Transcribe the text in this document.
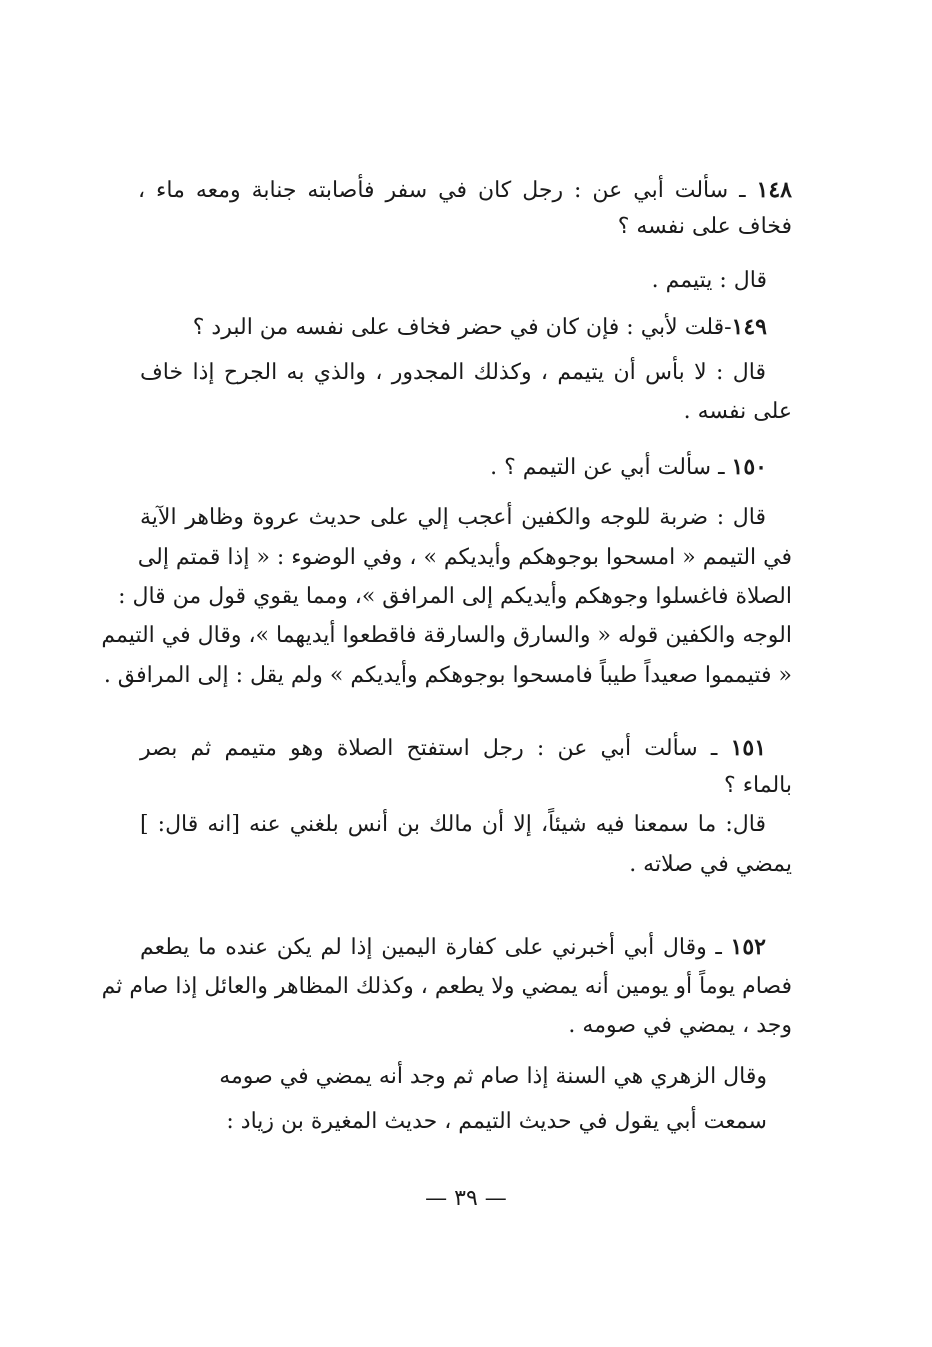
١٤٨ ـ سألت أبي عن : رجل كان في سفر فأصابته جنابة ومعه ماء ،
فخاف على نفسه ؟
قال : يتيمم .
١٤٩-قلت لأبي : فإن كان في حضر فخاف على نفسه من البرد ؟
قال : لا بأس أن يتيمم ، وكذلك المجدور ، والذي به الجرح إذا خاف
على نفسه .
١٥٠ ـ سألت أبي عن التيمم ؟ .
قال : ضربة للوجه والكفين أعجب إلي على حديث عروة وظاهر الآية
في التيمم « امسحوا بوجوهكم وأيديكم » ، وفي الوضوء : « إذا قمتم إلى
الصلاة فاغسلوا وجوهكم وأيديكم إلى المرافق »، ومما يقوي قول من قال :
الوجه والكفين قوله « والسارق والسارقة فاقطعوا أيديهما »، وقال في التيمم
« فتيمموا صعيداً طيباً فامسحوا بوجوهكم وأيديكم » ولم يقل : إلى المرافق .
١٥١ ـ سألت أبي عن : رجل استفتح الصلاة وهو متيمم ثم بصر
بالماء ؟
قال: ما سمعنا فيه شيئاً، إلا أن مالك بن أنس بلغني عنه [انه قال: ]
يمضي في صلاته .
١٥٢ ـ وقال أبي أخبرني على كفارة اليمين إذا لم يكن عنده ما يطعم
فصام يوماً أو يومين أنه يمضي ولا يطعم ، وكذلك المظاهر والعائل إذا صام ثم
وجد ، يمضي في صومه .
وقال الزهري هي السنة إذا صام ثم وجد أنه يمضي في صومه
سمعت أبي يقول في حديث التيمم ، حديث المغيرة بن زياد :
— ٣٩ —
